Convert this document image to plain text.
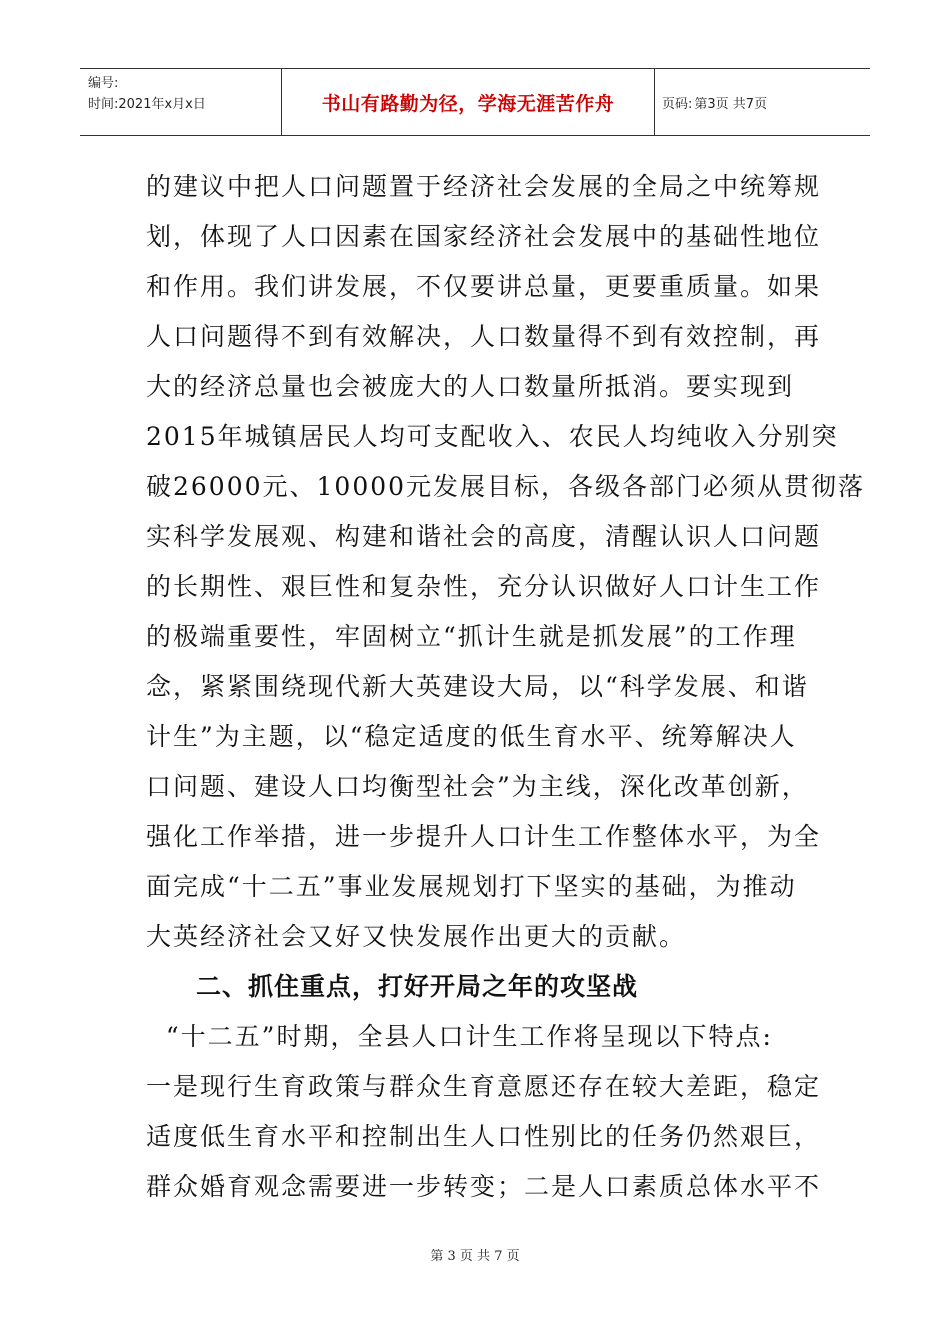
编号:
时间:2021年x月x日	书山有路勤为径，学海无涯苦作舟	页码: 第3页 共7页
的建议中把人口问题置于经济社会发展的全局之中统筹规
划，体现了人口因素在国家经济社会发展中的基础性地位
和作用。我们讲发展，不仅要讲总量，更要重质量。如果
人口问题得不到有效解决，人口数量得不到有效控制，再
大的经济总量也会被庞大的人口数量所抵消。要实现到
2015年城镇居民人均可支配收入、农民人均纯收入分别突
破26000元、10000元发展目标，各级各部门必须从贯彻落
实科学发展观、构建和谐社会的高度，清醒认识人口问题
的长期性、艰巨性和复杂性，充分认识做好人口计生工作
的极端重要性，牢固树立“抓计生就是抓发展”的工作理
念，紧紧围绕现代新大英建设大局，以“科学发展、和谐
计生”为主题，以“稳定适度的低生育水平、统筹解决人
口问题、建设人口均衡型社会”为主线，深化改革创新，
强化工作举措，进一步提升人口计生工作整体水平，为全
面完成“十二五”事业发展规划打下坚实的基础，为推动
大英经济社会又好又快发展作出更大的贡献。
二、抓住重点，打好开局之年的攻坚战
“十二五”时期，全县人口计生工作将呈现以下特点:
一是现行生育政策与群众生育意愿还存在较大差距，稳定
适度低生育水平和控制出生人口性别比的任务仍然艰巨，
群众婚育观念需要进一步转变；二是人口素质总体水平不
第 3 页 共 7 页
